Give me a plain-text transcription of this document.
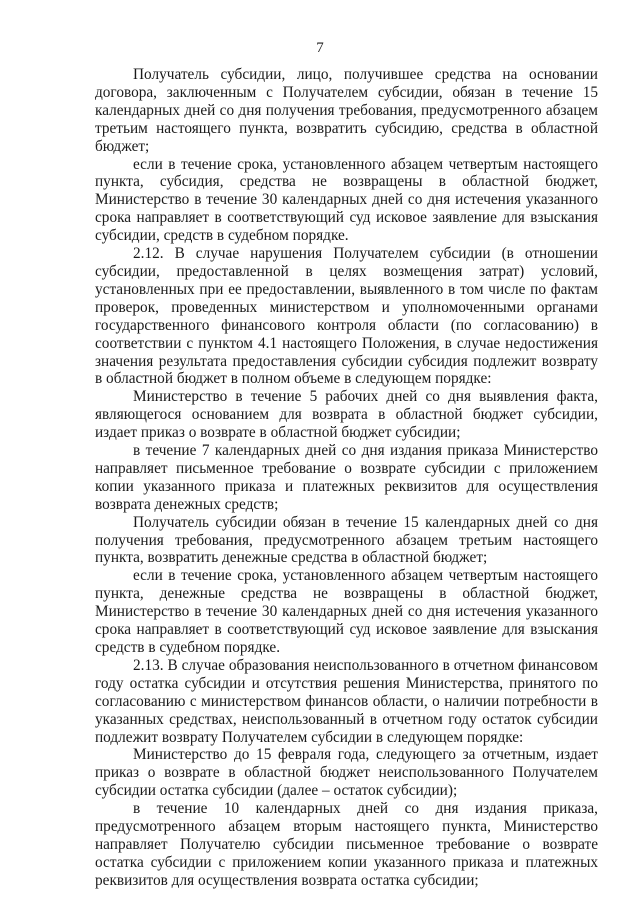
7

Получатель субсидии, лицо, получившее средства на основании договора, заключенным с Получателем субсидии, обязан в течение 15 календарных дней со дня получения требования, предусмотренного абзацем третьим настоящего пункта, возвратить субсидию, средства в областной бюджет;

если в течение срока, установленного абзацем четвертым настоящего пункта, субсидия, средства не возвращены в областной бюджет, Министерство в течение 30 календарных дней со дня истечения указанного срока направляет в соответствующий суд исковое заявление для взыскания субсидии, средств в судебном порядке.

2.12. В случае нарушения Получателем субсидии (в отношении субсидии, предоставленной в целях возмещения затрат) условий, установленных при ее предоставлении, выявленного в том числе по фактам проверок, проведенных министерством и уполномоченными органами государственного финансового контроля области (по согласованию) в соответствии с пунктом 4.1 настоящего Положения, в случае недостижения значения результата предоставления субсидии субсидия подлежит возврату в областной бюджет в полном объеме в следующем порядке:

Министерство в течение 5 рабочих дней со дня выявления факта, являющегося основанием для возврата в областной бюджет субсидии, издает приказ о возврате в областной бюджет субсидии;

в течение 7 календарных дней со дня издания приказа Министерство направляет письменное требование о возврате субсидии с приложением копии указанного приказа и платежных реквизитов для осуществления возврата денежных средств;

Получатель субсидии обязан в течение 15 календарных дней со дня получения требования, предусмотренного абзацем третьим настоящего пункта, возвратить денежные средства в областной бюджет;

если в течение срока, установленного абзацем четвертым настоящего пункта, денежные средства не возвращены в областной бюджет, Министерство в течение 30 календарных дней со дня истечения указанного срока направляет в соответствующий суд исковое заявление для взыскания средств в судебном порядке.

2.13. В случае образования неиспользованного в отчетном финансовом году остатка субсидии и отсутствия решения Министерства, принятого по согласованию с министерством финансов области, о наличии потребности в указанных средствах, неиспользованный в отчетном году остаток субсидии подлежит возврату Получателем субсидии в следующем порядке:

Министерство до 15 февраля года, следующего за отчетным, издает приказ о возврате в областной бюджет неиспользованного Получателем субсидии остатка субсидии (далее – остаток субсидии);

в течение 10 календарных дней со дня издания приказа, предусмотренного абзацем вторым настоящего пункта, Министерство направляет Получателю субсидии письменное требование о возврате остатка субсидии с приложением копии указанного приказа и платежных реквизитов для осуществления возврата остатка субсидии;
